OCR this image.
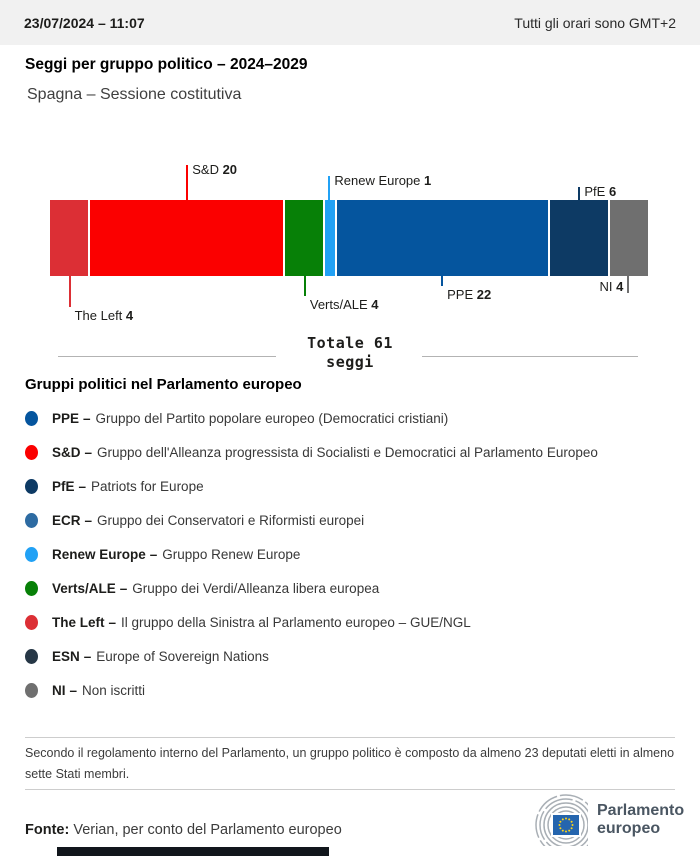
23/07/2024 – 11:07	Tutti gli orari sono GMT+2
Seggi per gruppo politico – 2024–2029
Spagna – Sessione costitutiva
The Left 4
S&D 20
Verts/ALE 4
Renew Europe 1
PPE 22
PfE 6
NI 4
Totale 61
seggi
Gruppi politici nel Parlamento europeo
PPE – Gruppo del Partito popolare europeo (Democratici cristiani)
S&D – Gruppo dell'Alleanza progressista di Socialisti e Democratici al Parlamento Europeo
PfE – Patriots for Europe
ECR – Gruppo dei Conservatori e Riformisti europei
Renew Europe – Gruppo Renew Europe
Verts/ALE – Gruppo dei Verdi/Alleanza libera europea
The Left – Il gruppo della Sinistra al Parlamento europeo – GUE/NGL
ESN – Europe of Sovereign Nations
NI – Non iscritti
Secondo il regolamento interno del Parlamento, un gruppo politico è composto da almeno 23 deputati eletti in almeno sette Stati membri.
Fonte: Verian, per conto del Parlamento europeo
Parlamento
europeo
